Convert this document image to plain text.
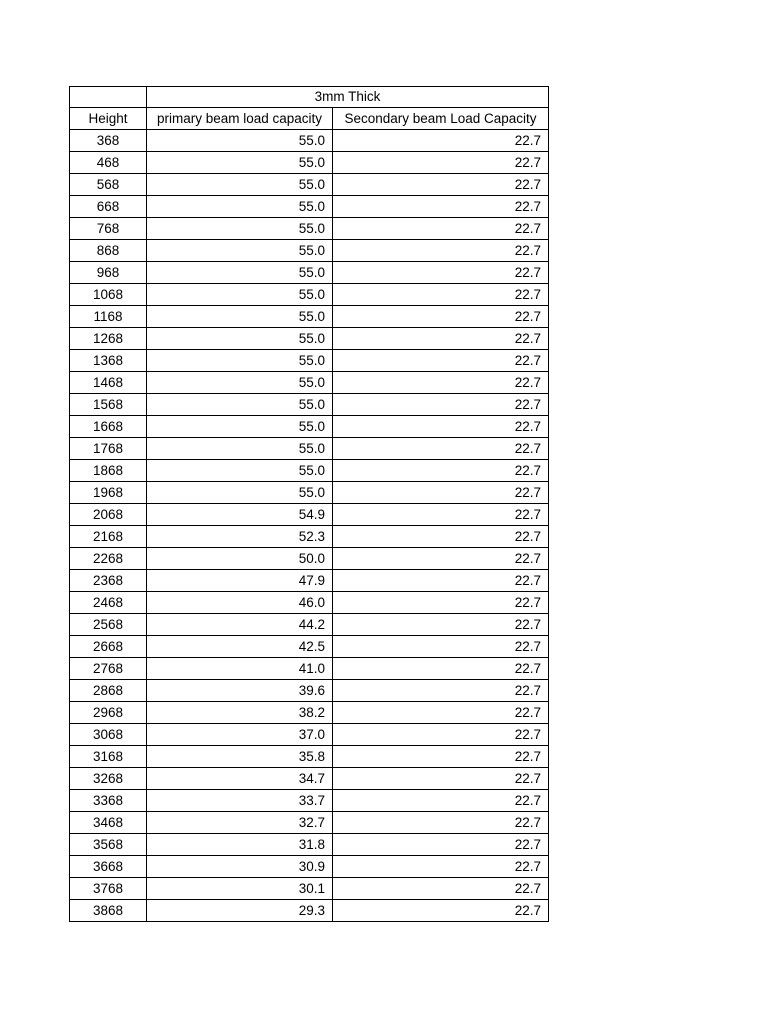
	3mm Thick	
Height	primary beam load capacity	Secondary beam Load Capacity
368	55.0	22.7
468	55.0	22.7
568	55.0	22.7
668	55.0	22.7
768	55.0	22.7
868	55.0	22.7
968	55.0	22.7
1068	55.0	22.7
1168	55.0	22.7
1268	55.0	22.7
1368	55.0	22.7
1468	55.0	22.7
1568	55.0	22.7
1668	55.0	22.7
1768	55.0	22.7
1868	55.0	22.7
1968	55.0	22.7
2068	54.9	22.7
2168	52.3	22.7
2268	50.0	22.7
2368	47.9	22.7
2468	46.0	22.7
2568	44.2	22.7
2668	42.5	22.7
2768	41.0	22.7
2868	39.6	22.7
2968	38.2	22.7
3068	37.0	22.7
3168	35.8	22.7
3268	34.7	22.7
3368	33.7	22.7
3468	32.7	22.7
3568	31.8	22.7
3668	30.9	22.7
3768	30.1	22.7
3868	29.3	22.7
